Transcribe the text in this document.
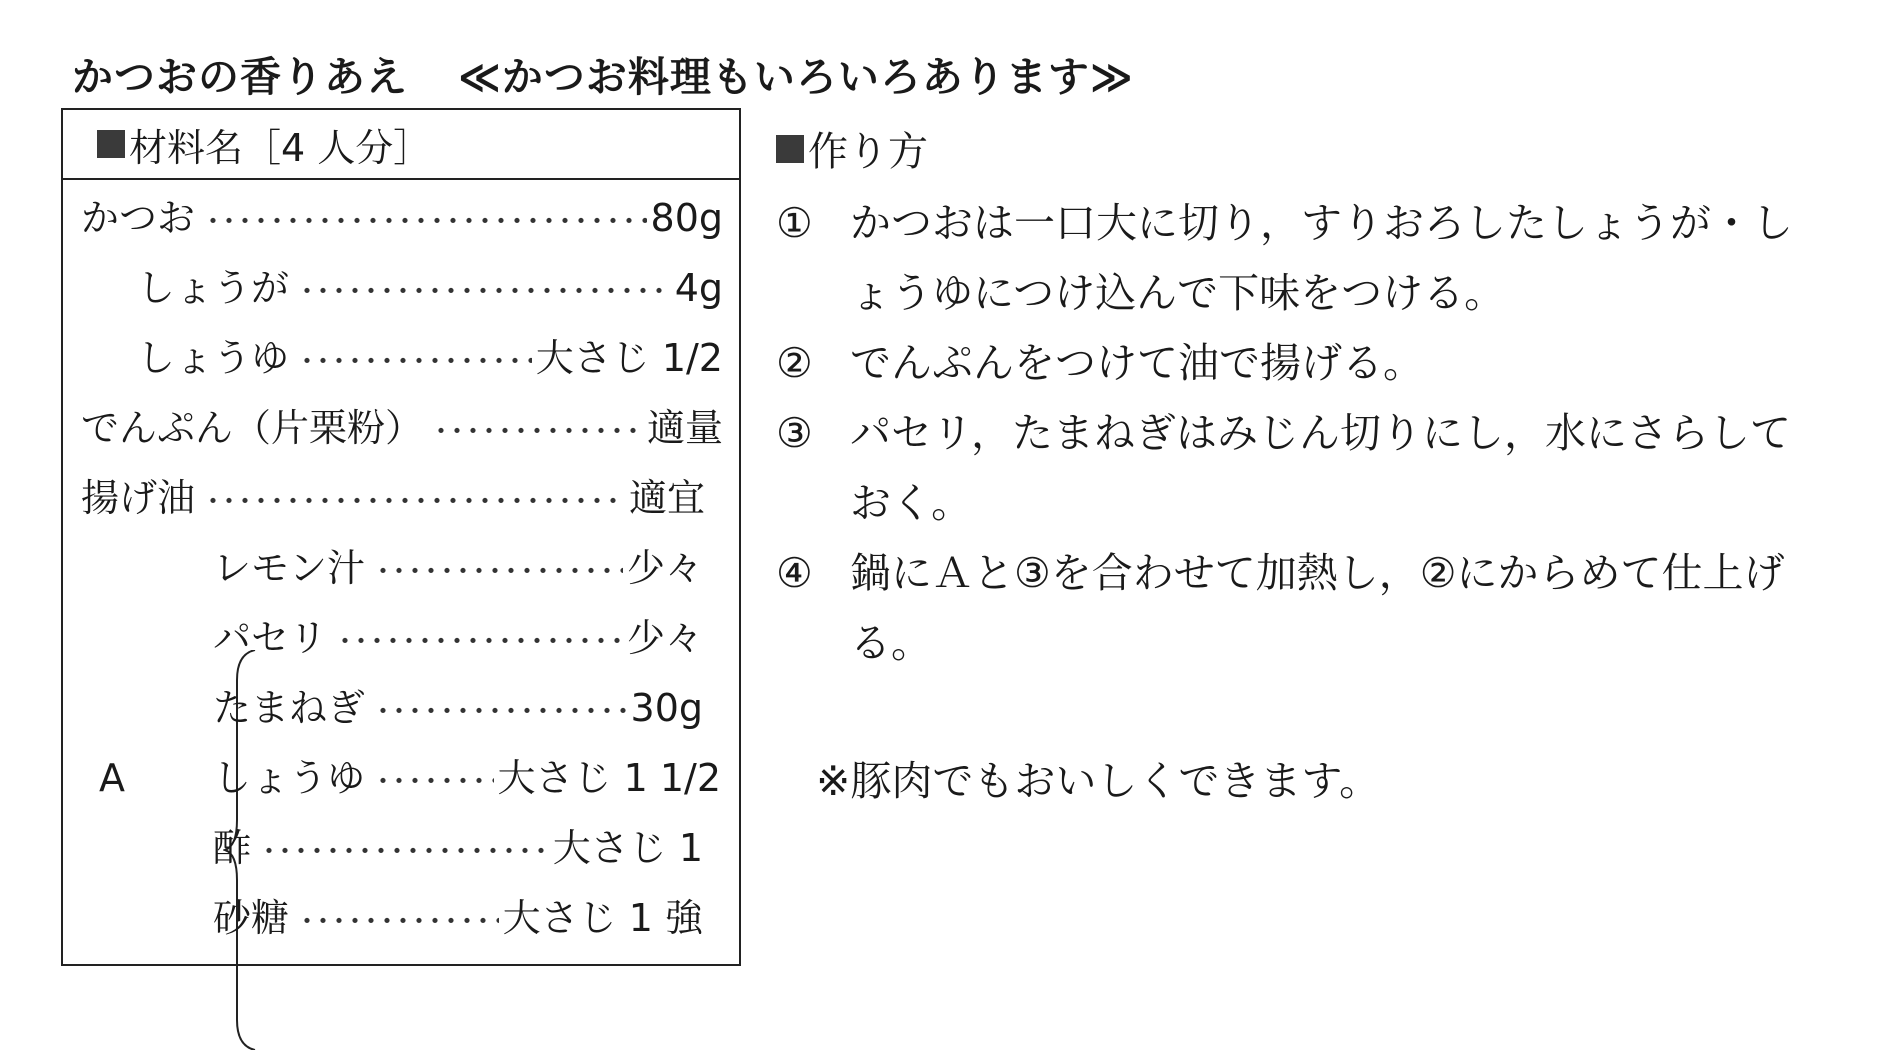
かつおの香りあえ ≪かつお料理もいろいろあります≫
材料名［4 人分］
かつお ・・・・・・・・・・・・・・・・・・・・・・・・・・・・・・・・・・・・	80g
しょうが ・・・・・・・・・・・・・・・・・・・・・・・・・・・・・・・・・・・・	4g
しょうゆ ・・・・・・・・・・・・・・・・・・・・・・・・・・・・・・・・・・・・	大さじ 1/2
でんぷん（片栗粉） ・・・・・・・・・・・・・・・・・・・・・・・・・・・・・・・・・・・・	適量
揚げ油 ・・・・・・・・・・・・・・・・・・・・・・・・・・・・・・・・・・・・	適宜
A
レモン汁 ・・・・・・・・・・・・・・・・・・・・・・・・・・・・・・・・・・・・	少々
パセリ ・・・・・・・・・・・・・・・・・・・・・・・・・・・・・・・・・・・・	少々
たまねぎ ・・・・・・・・・・・・・・・・・・・・・・・・・・・・・・・・・・・・	30g
しょうゆ ・・・・・・・・・・・・・・・・・・・・・・・・・・・・・・・・・・・・	大さじ 1 1/2
酢 ・・・・・・・・・・・・・・・・・・・・・・・・・・・・・・・・・・・・	大さじ 1
砂糖 ・・・・・・・・・・・・・・・・・・・・・・・・・・・・・・・・・・・・	大さじ 1 強
作り方
① かつおは一口大に切り，すりおろしたしょうが・し
ょうゆにつけ込んで下味をつける。
② でんぷんをつけて油で揚げる。
③ パセリ，たまねぎはみじん切りにし，水にさらして
おく。
④ 鍋にＡと③を合わせて加熱し，②にからめて仕上げ
る。
※豚肉でもおいしくできます。
